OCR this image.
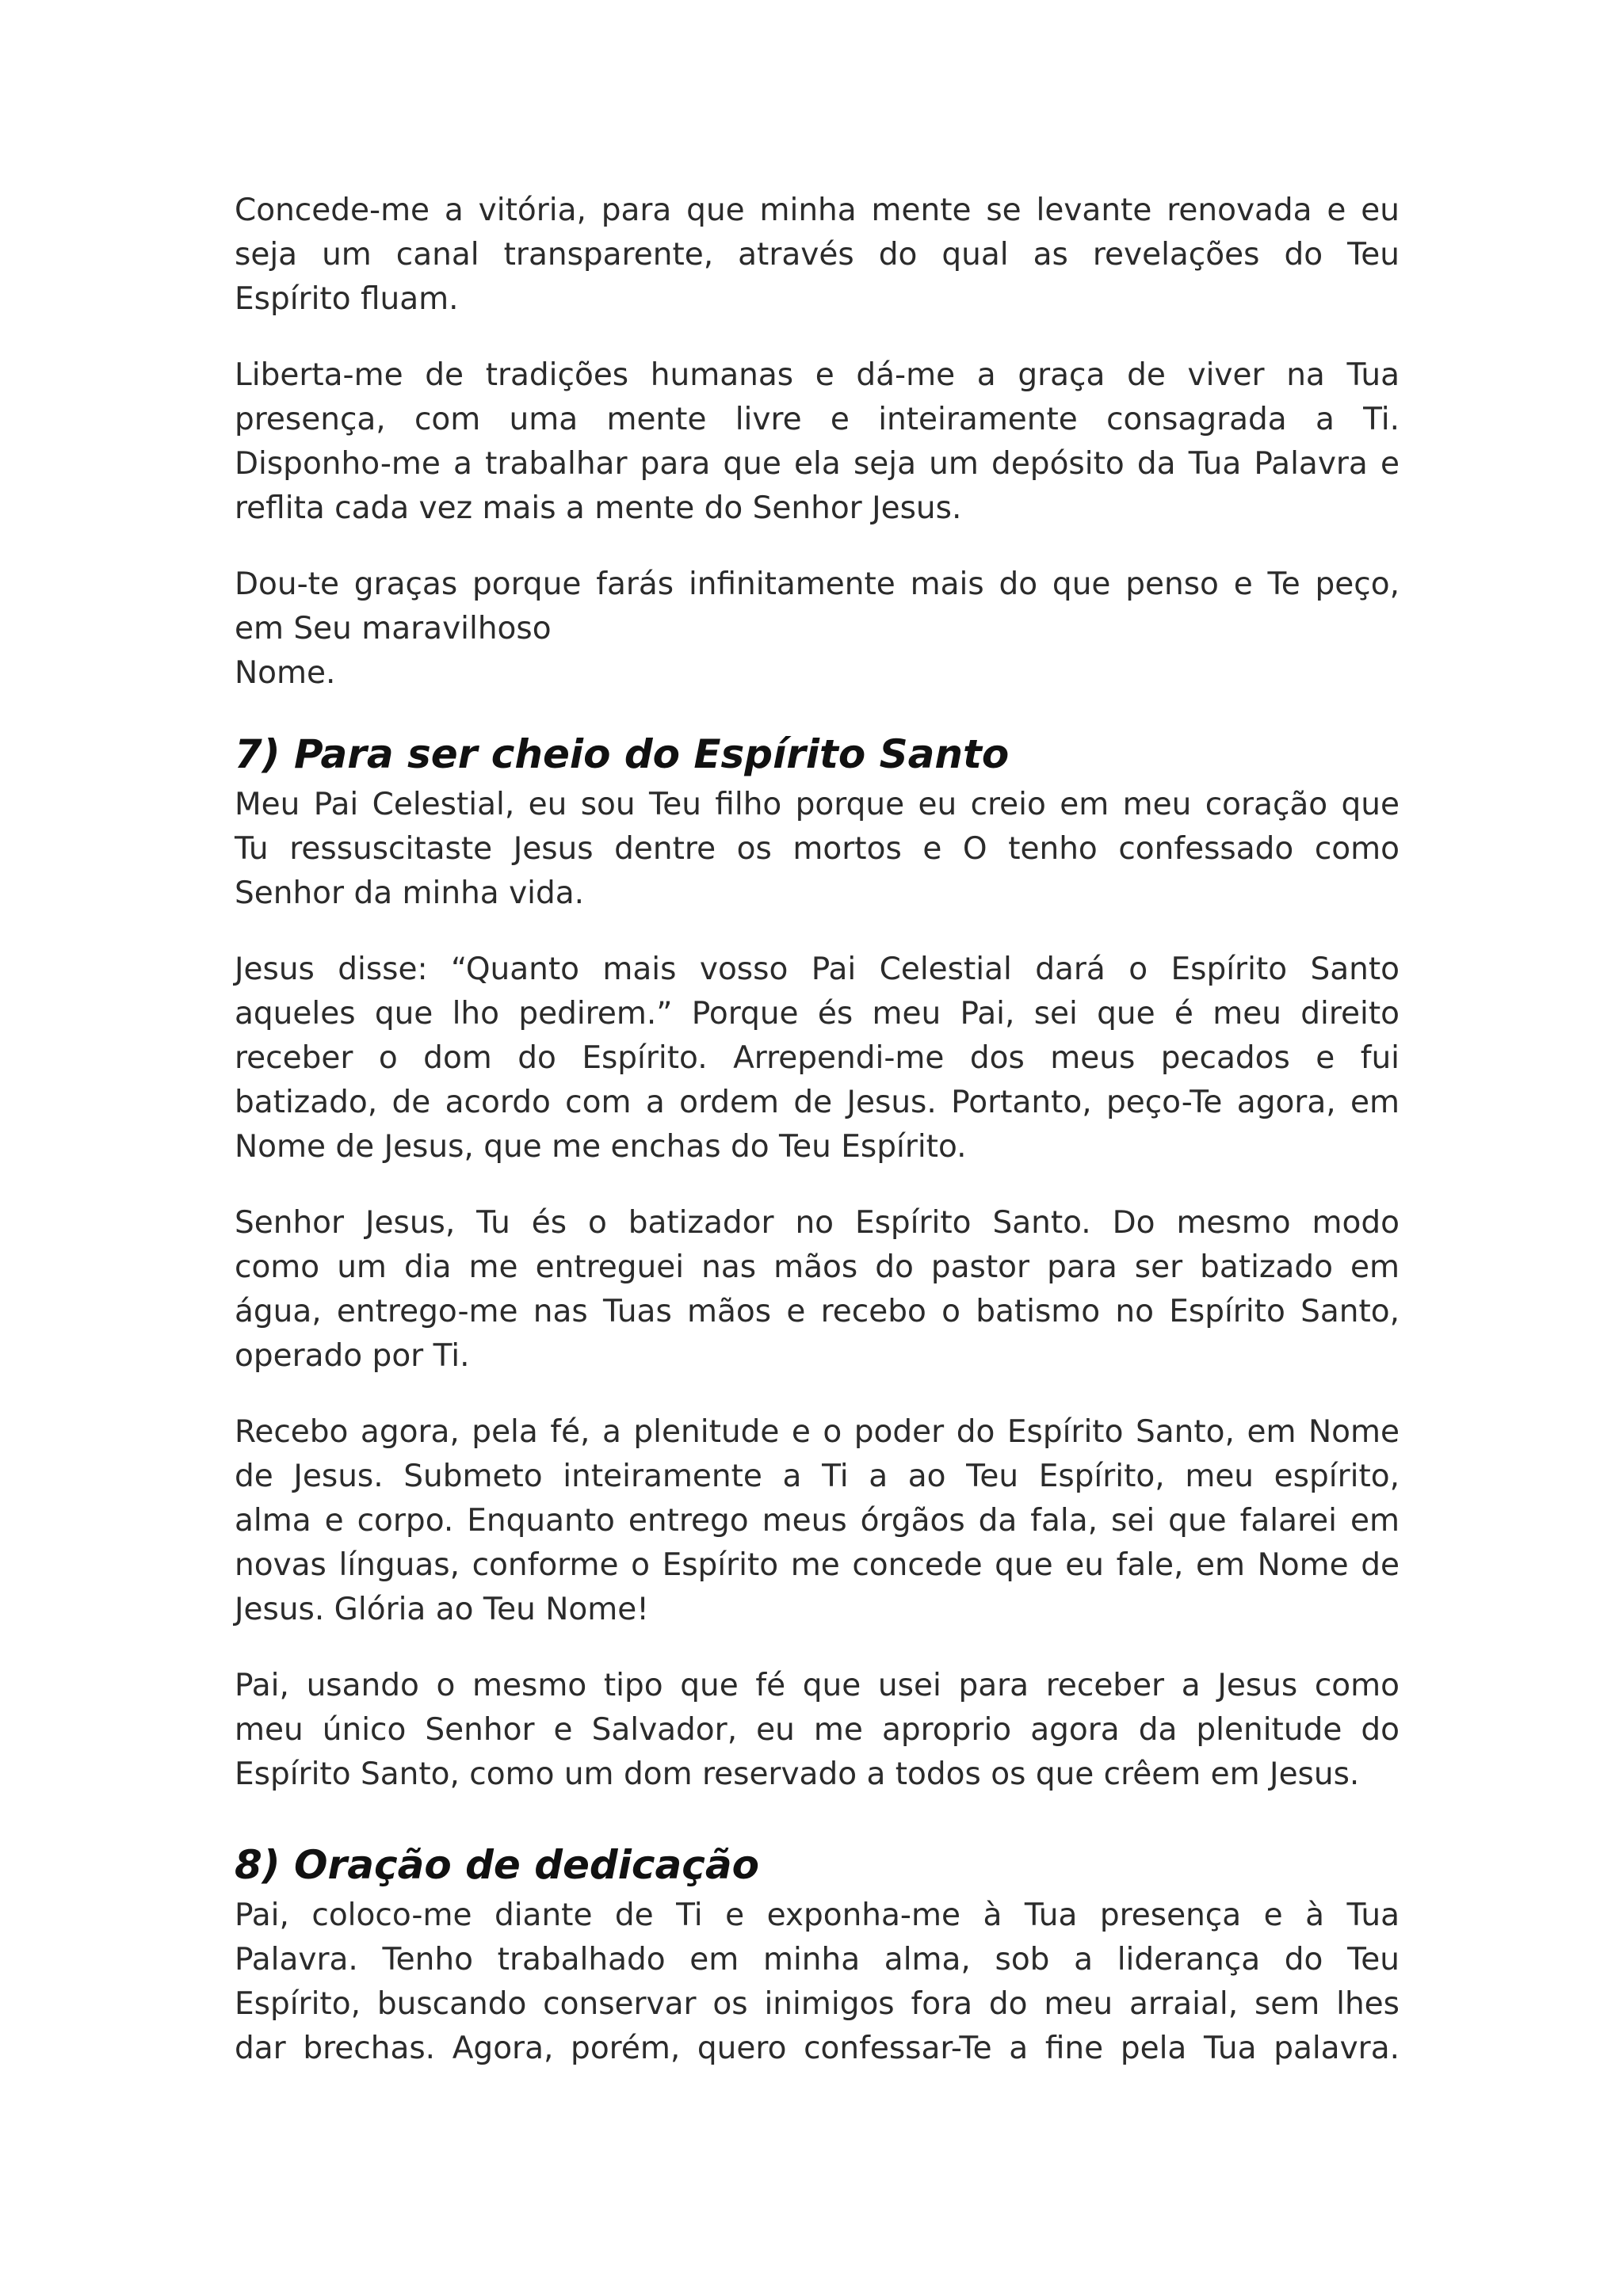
Concede-me a vitória, para que minha mente se levante renovada e eu
seja um canal transparente, através do qual as revelações do Teu
Espírito fluam.

Liberta-me de tradições humanas e dá-me a graça de viver na Tua
presença, com uma mente livre e inteiramente consagrada a Ti.
Disponho-me a trabalhar para que ela seja um depósito da Tua Palavra e
reflita cada vez mais a mente do Senhor Jesus.

Dou-te graças porque farás infinitamente mais do que penso e Te peço,
em Seu maravilhoso
Nome.

7) Para ser cheio do Espírito Santo

Meu Pai Celestial, eu sou Teu filho porque eu creio em meu coração que
Tu ressuscitaste Jesus dentre os mortos e O tenho confessado como
Senhor da minha vida.

Jesus disse: “Quanto mais vosso Pai Celestial dará o Espírito Santo
aqueles que lho pedirem.” Porque és meu Pai, sei que é meu direito
receber o dom do Espírito. Arrependi-me dos meus pecados e fui
batizado, de acordo com a ordem de Jesus. Portanto, peço-Te agora, em
Nome de Jesus, que me enchas do Teu Espírito.

Senhor Jesus, Tu és o batizador no Espírito Santo. Do mesmo modo
como um dia me entreguei nas mãos do pastor para ser batizado em
água, entrego-me nas Tuas mãos e recebo o batismo no Espírito Santo,
operado por Ti.

Recebo agora, pela fé, a plenitude e o poder do Espírito Santo, em Nome
de Jesus. Submeto inteiramente a Ti a ao Teu Espírito, meu espírito,
alma e corpo. Enquanto entrego meus órgãos da fala, sei que falarei em
novas línguas, conforme o Espírito me concede que eu fale, em Nome de
Jesus. Glória ao Teu Nome!

Pai, usando o mesmo tipo que fé que usei para receber a Jesus como
meu único Senhor e Salvador, eu me aproprio agora da plenitude do
Espírito Santo, como um dom reservado a todos os que crêem em Jesus.

8) Oração de dedicação

Pai, coloco-me diante de Ti e exponha-me à Tua presença e à Tua
Palavra. Tenho trabalhado em minha alma, sob a liderança do Teu
Espírito, buscando conservar os inimigos fora do meu arraial, sem lhes
dar brechas. Agora, porém, quero confessar-Te a fine pela Tua palavra.
